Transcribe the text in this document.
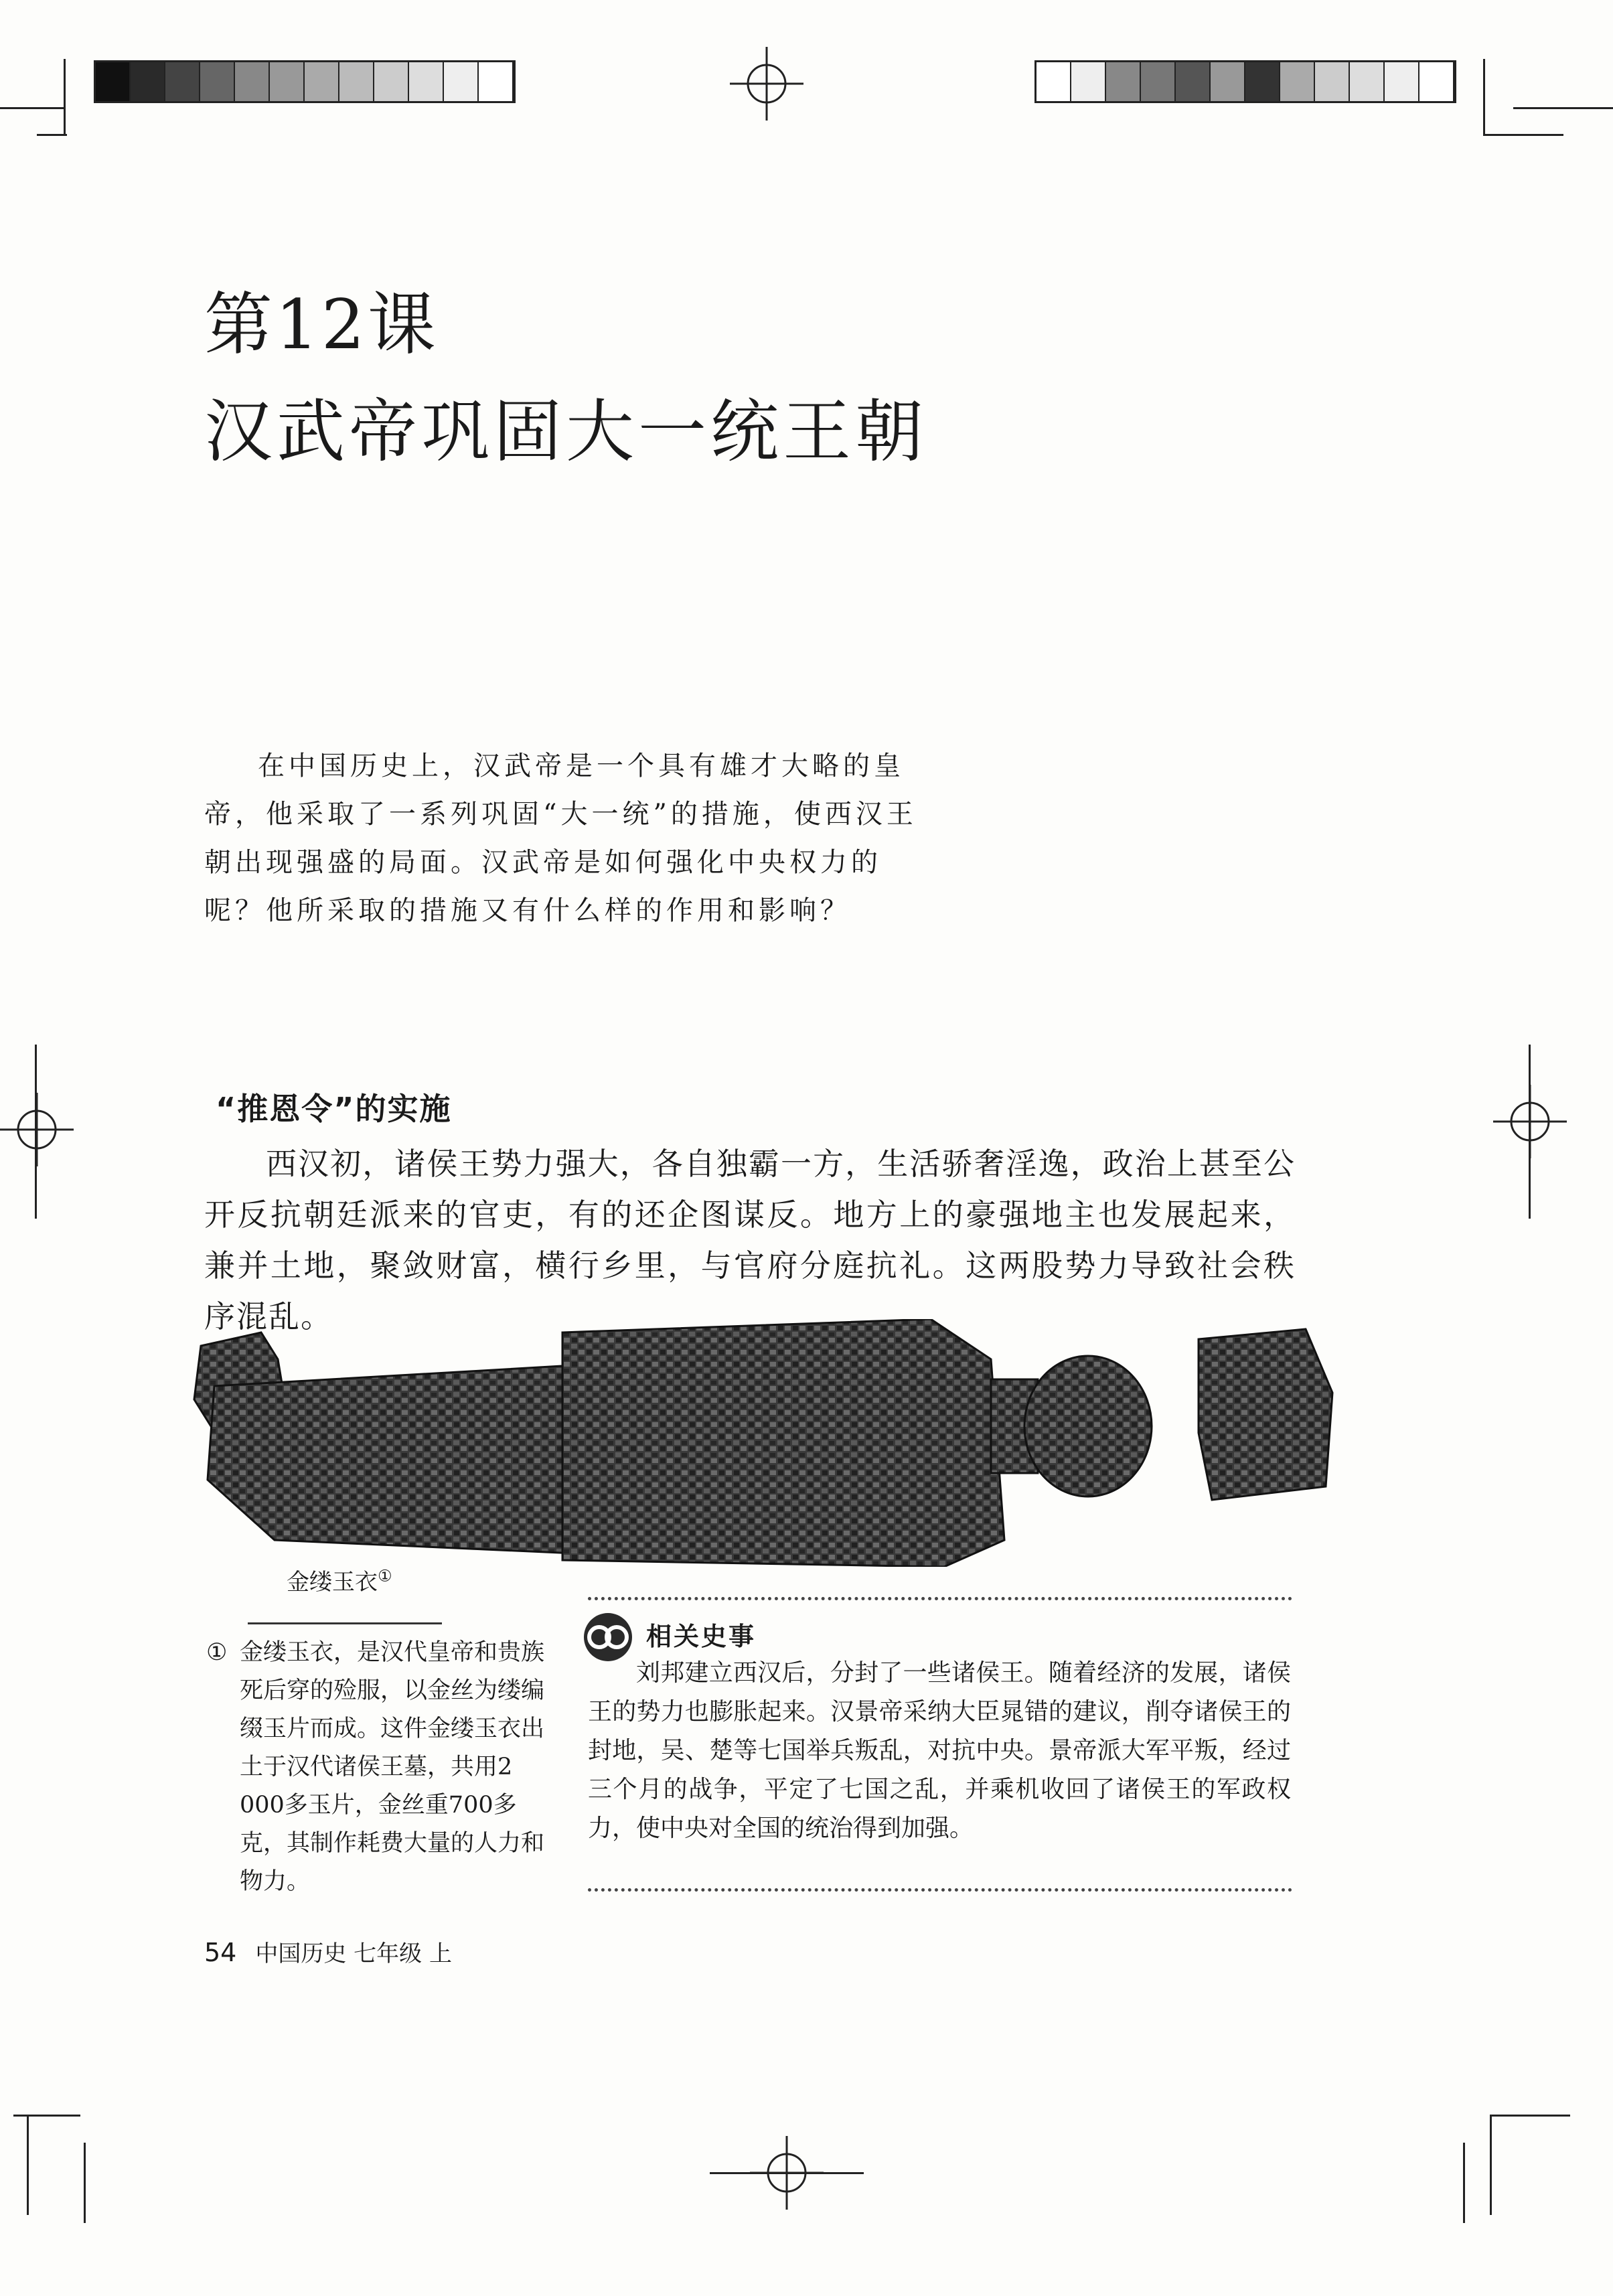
第12课
汉武帝巩固大一统王朝

在中国历史上，汉武帝是一个具有雄才大略的皇帝，他采取了一系列巩固“大一统”的措施，使西汉王朝出现强盛的局面。汉武帝是如何强化中央权力的呢？他所采取的措施又有什么样的作用和影响？

“推恩令”的实施

西汉初，诸侯王势力强大，各自独霸一方，生活骄奢淫逸，政治上甚至公开反抗朝廷派来的官吏，有的还企图谋反。地方上的豪强地主也发展起来，兼并土地，聚敛财富，横行乡里，与官府分庭抗礼。这两股势力导致社会秩序混乱。

金缕玉衣①
① 金缕玉衣，是汉代皇帝和贵族死后穿的殓服，以金丝为缕编缀玉片而成。这件金缕玉衣出土于汉代诸侯王墓，共用2 000多玉片，金丝重700多克，其制作耗费大量的人力和物力。
相关史事

刘邦建立西汉后，分封了一些诸侯王。随着经济的发展，诸侯王的势力也膨胀起来。汉景帝采纳大臣晁错的建议，削夺诸侯王的封地，吴、楚等七国举兵叛乱，对抗中央。景帝派大军平叛，经过三个月的战争，平定了七国之乱，并乘机收回了诸侯王的军政权力，使中央对全国的统治得到加强。

54 中国历史 七年级 上
